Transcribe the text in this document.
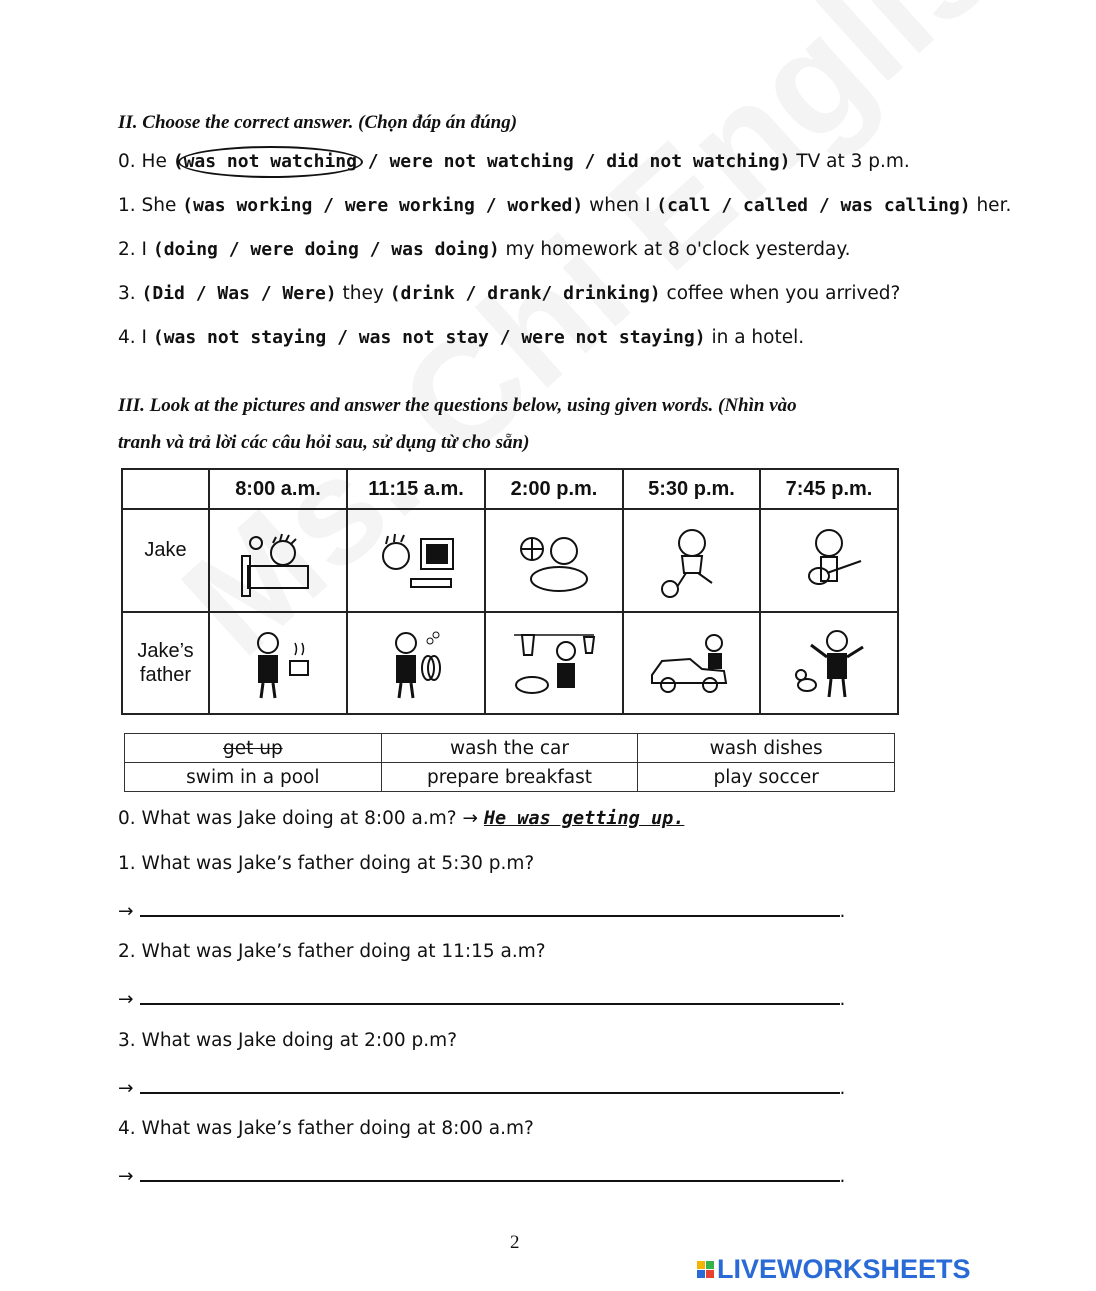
II. Choose the correct answer. (Chọn đáp án đúng)
0. He (was not watching / were not watching / did not watching) TV at 3 p.m.
1. She (was working / were working / worked) when I (call / called / was calling) her.
2. I (doing / were doing / was doing) my homework at 8 o'clock yesterday.
3. (Did / Was / Were) they (drink / drank/ drinking) coffee when you arrived?
4. I (was not staying / was not stay / were not staying) in a hotel.
III. Look at the pictures and answer the questions below, using given words. (Nhìn vào
tranh và trả lời các câu hỏi sau, sử dụng từ cho sẵn)
	8:00 a.m.	11:15 a.m.	2:00 p.m.	5:30 p.m.	7:45 p.m.
Jake	

Jake’s
father	

get up	wash the car	wash dishes
swim in a pool	prepare breakfast	play soccer
0. What was Jake doing at 8:00 a.m? → He was getting up.
1. What was Jake’s father doing at 5:30 p.m?
→	.
2. What was Jake’s father doing at 11:15 a.m?
→	.
3. What was Jake doing at 2:00 p.m?
→	.
4. What was Jake’s father doing at 8:00 a.m?
→	.
2
LIVEWORKSHEETS
